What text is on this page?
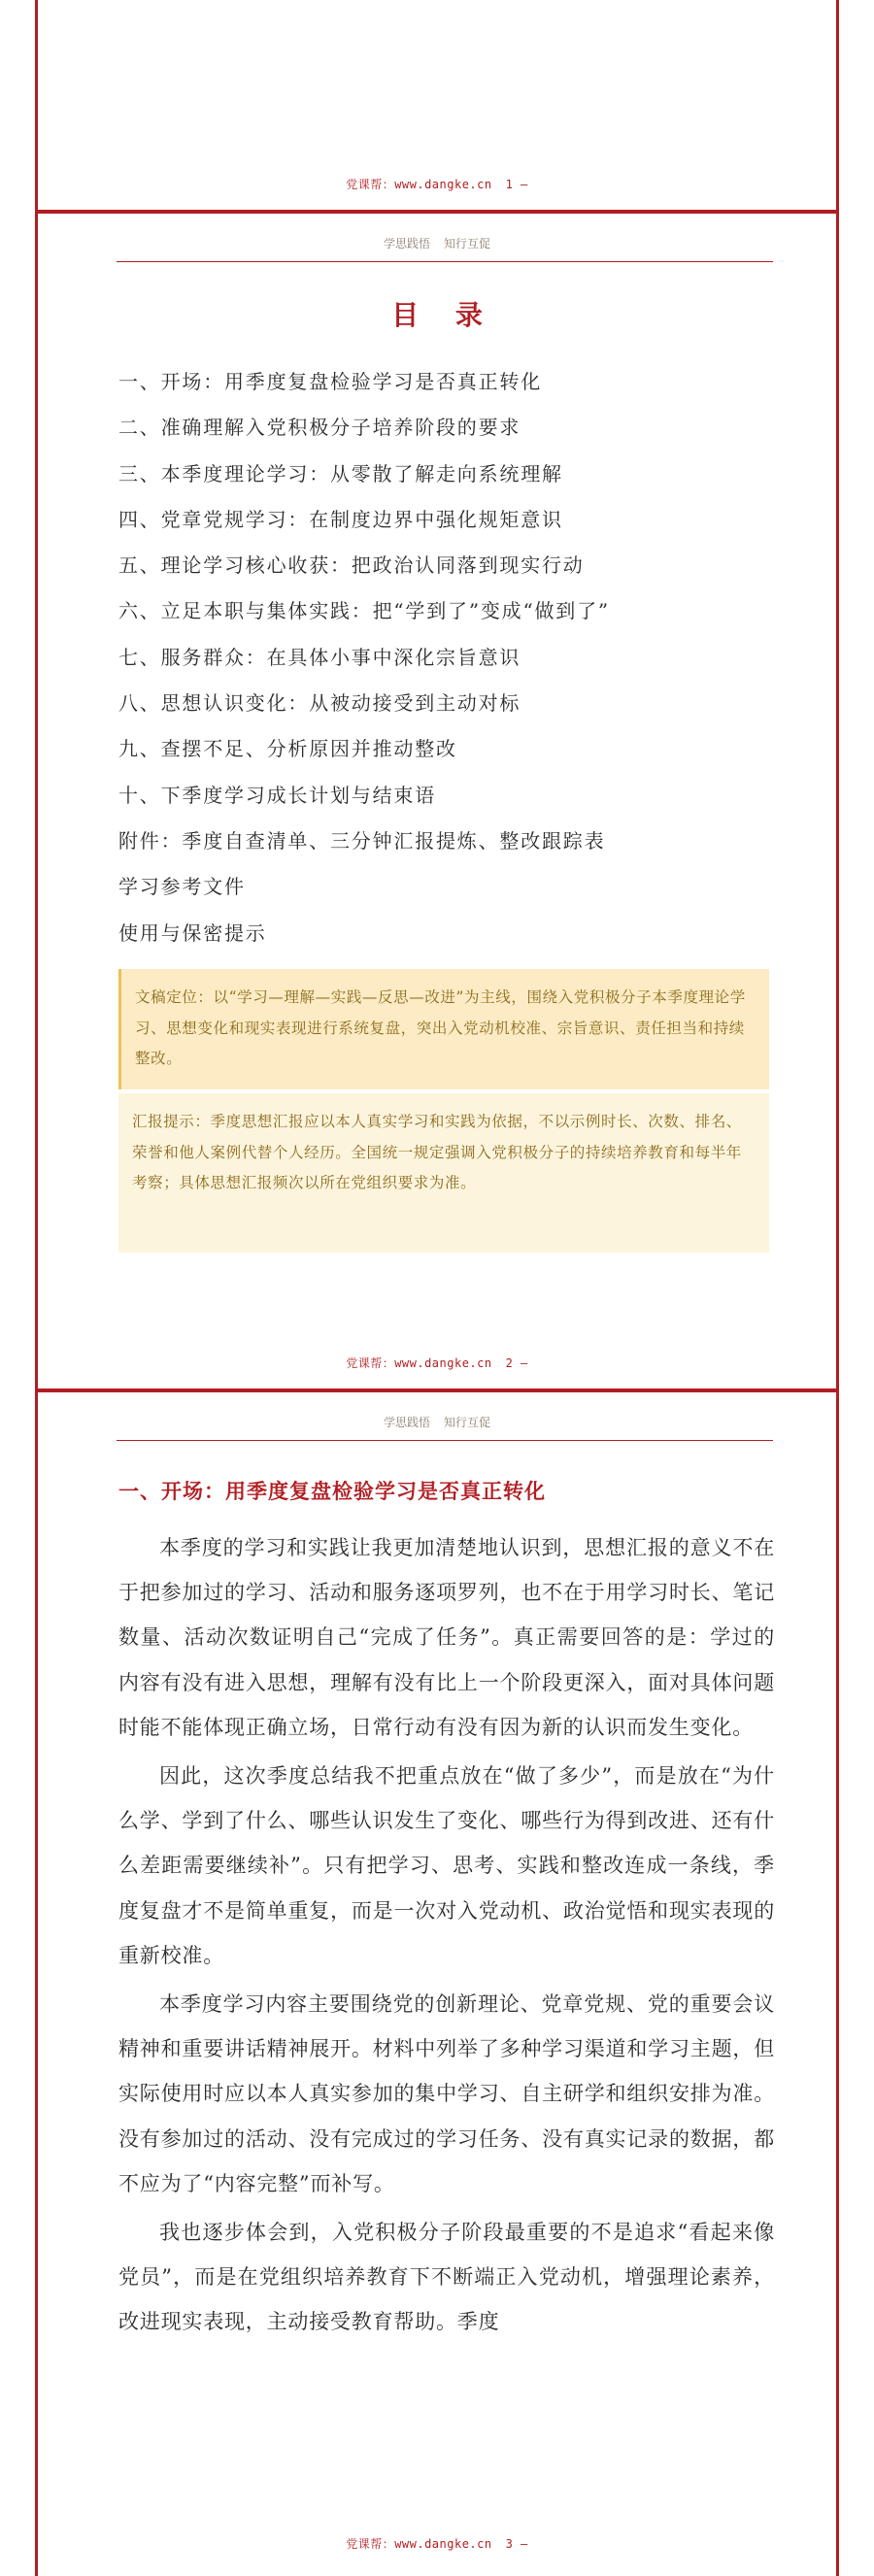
党课帮：www.dangke.cn 1 —
学思践悟 知行互促
目 录
一、开场：用季度复盘检验学习是否真正转化
二、准确理解入党积极分子培养阶段的要求
三、本季度理论学习：从零散了解走向系统理解
四、党章党规学习：在制度边界中强化规矩意识
五、理论学习核心收获：把政治认同落到现实行动
六、立足本职与集体实践：把“学到了”变成“做到了”
七、服务群众：在具体小事中深化宗旨意识
八、思想认识变化：从被动接受到主动对标
九、查摆不足、分析原因并推动整改
十、下季度学习成长计划与结束语
附件：季度自查清单、三分钟汇报提炼、整改跟踪表
学习参考文件
使用与保密提示
文稿定位：以“学习—理解—实践—反思—改进”为主线，围绕入党积极分子本季度理论学习、思想变化和现实表现进行系统复盘，突出入党动机校准、宗旨意识、责任担当和持续整改。
汇报提示：季度思想汇报应以本人真实学习和实践为依据，不以示例时长、次数、排名、荣誉和他人案例代替个人经历。全国统一规定强调入党积极分子的持续培养教育和每半年考察；具体思想汇报频次以所在党组织要求为准。
党课帮：www.dangke.cn 2 —
学思践悟 知行互促
一、开场：用季度复盘检验学习是否真正转化

本季度的学习和实践让我更加清楚地认识到，思想汇报的意义不在于把参加过的学习、活动和服务逐项罗列，也不在于用学习时长、笔记数量、活动次数证明自己“完成了任务”。真正需要回答的是：学过的内容有没有进入思想，理解有没有比上一个阶段更深入，面对具体问题时能不能体现正确立场，日常行动有没有因为新的认识而发生变化。

因此，这次季度总结我不把重点放在“做了多少”，而是放在“为什么学、学到了什么、哪些认识发生了变化、哪些行为得到改进、还有什么差距需要继续补”。只有把学习、思考、实践和整改连成一条线，季度复盘才不是简单重复，而是一次对入党动机、政治觉悟和现实表现的重新校准。

本季度学习内容主要围绕党的创新理论、党章党规、党的重要会议精神和重要讲话精神展开。材料中列举了多种学习渠道和学习主题，但实际使用时应以本人真实参加的集中学习、自主研学和组织安排为准。没有参加过的活动、没有完成过的学习任务、没有真实记录的数据，都不应为了“内容完整”而补写。

我也逐步体会到，入党积极分子阶段最重要的不是追求“看起来像党员”，而是在党组织培养教育下不断端正入党动机，增强理论素养，改进现实表现，主动接受教育帮助。季度

党课帮：www.dangke.cn 3 —
